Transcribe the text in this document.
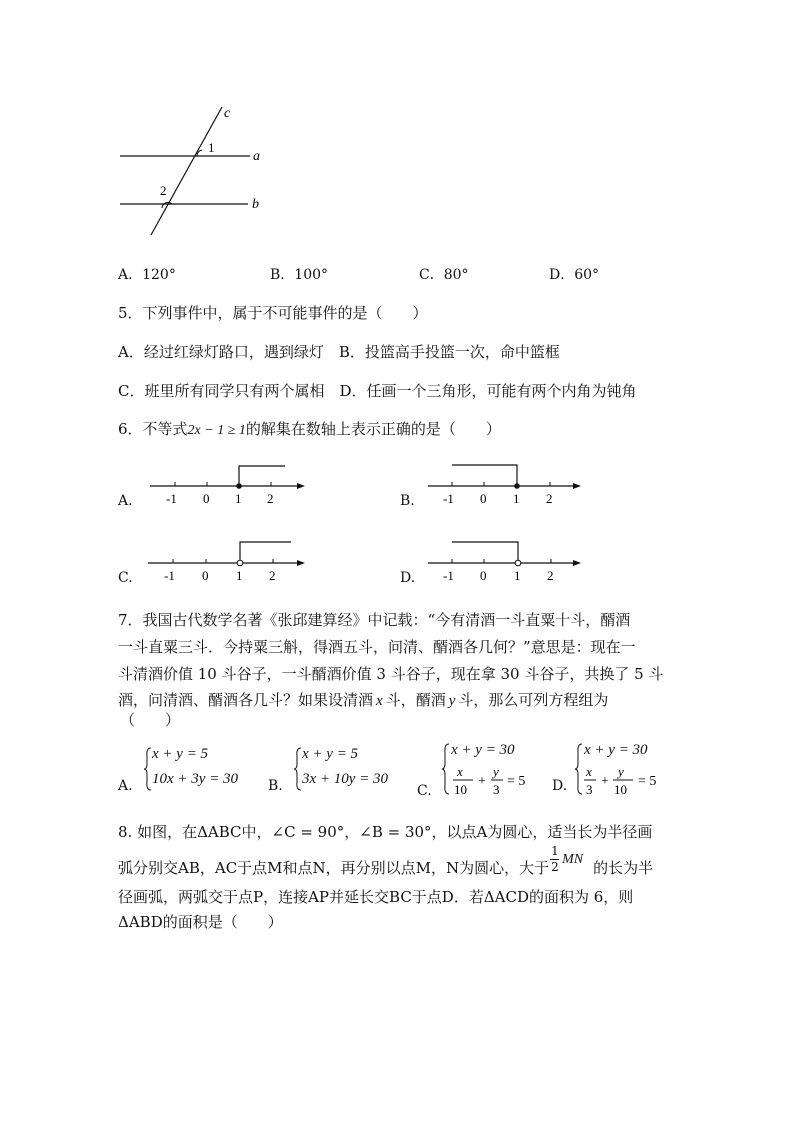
c
a
b
1
2
A．120°	B．100°	C．80°	D．60°
5．下列事件中，属于不可能事件的是（　　）
A．经过红绿灯路口，遇到绿灯　B．投篮高手投篮一次，命中篮框
C．班里所有同学只有两个属相　D．任画一个三角形，可能有两个内角为钝角
6．不等式2x − 1 ≥ 1的解集在数轴上表示正确的是（　　）
A.	-1 0 1 2	B. -1 0 1 2
C. -1 0 1 2	D. -1 0 1 2
7．我国古代数学名著《张邱建算经》中记载：“今有清酒一斗直粟十斗，醑酒
一斗直粟三斗．今持粟三斛，得酒五斗，问清、醑酒各几何？”意思是：现在一
斗清酒价值 10 斗谷子，一斗醑酒价值 3 斗谷子，现在拿 30 斗谷子，共换了 5 斗
酒，问清酒、醑酒各几斗？如果设清酒 x 斗，醑酒 y 斗，那么可列方程组为
（　　）
A.
x + y = 5
10x + 3y = 30 B.
x + y = 5
3x + 10y = 30
C.
x + y = 30
x
10
+
y
3
= 5 D.
x + y = 30
x
3
+
y
10
= 5
8. 如图，在ΔABC中，∠C = 90°，∠B = 30°，以点A为圆心，适当长为半径画
弧分别交AB，AC于点M和点N，再分别以点M，N为圆心，大于
1
2 MN 的长为半
径画弧，两弧交于点P，连接AP并延长交BC于点D．若ΔACD的面积为 6，则
ΔABD的面积是（　　）
